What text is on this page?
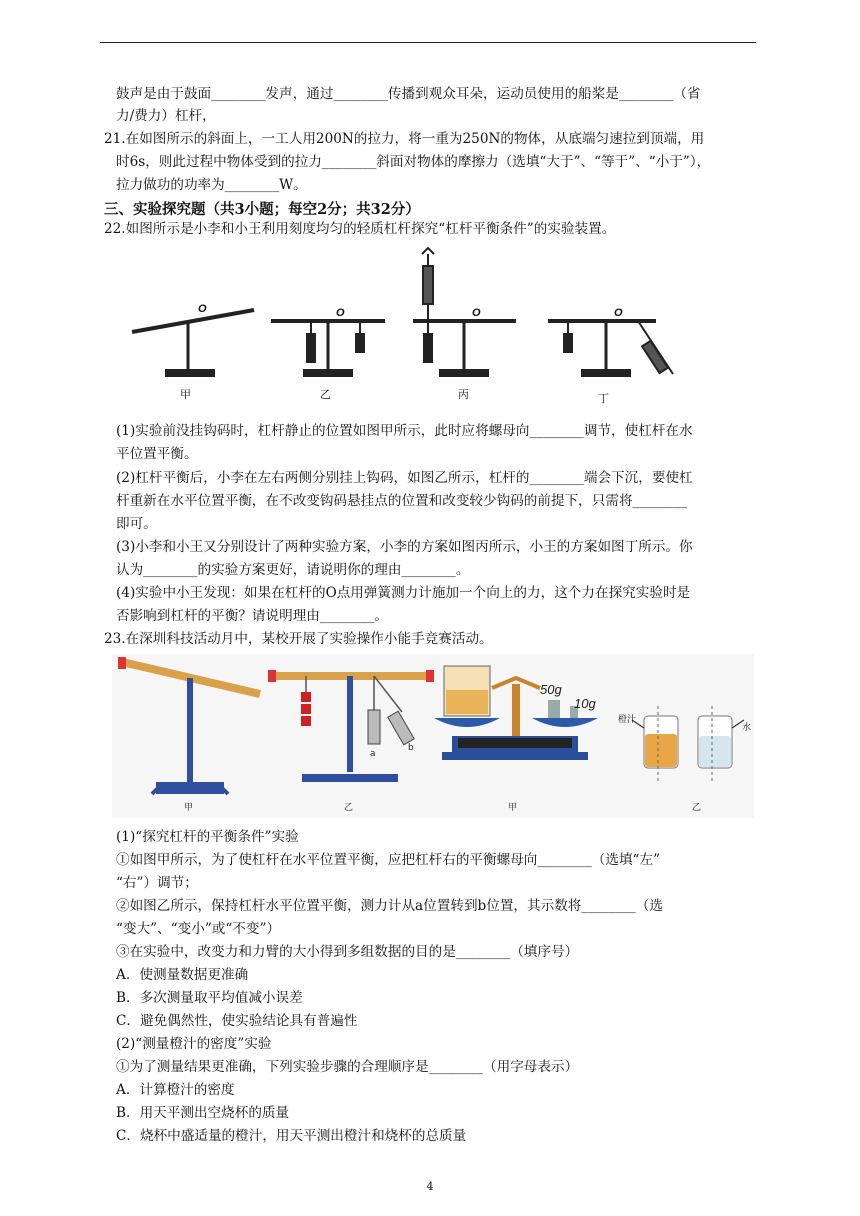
鼓声是由于鼓面________发声，通过________传播到观众耳朵，运动员使用的船桨是________（省
力/费力）杠杆，
21.在如图所示的斜面上，一工人用200N的拉力，将一重为250N的物体，从底端匀速拉到顶端，用
时6s，则此过程中物体受到的拉力________斜面对物体的摩擦力（选填“大于”、“等于”、“小于”），
拉力做功的功率为________W。
三、实验探究题（共3小题；每空2分；共32分）
22.如图所示是小李和小王利用刻度均匀的轻质杠杆探究“杠杆平衡条件”的实验装置。
O	O	O	O
甲	乙	丙	丁
(1)实验前没挂钩码时，杠杆静止的位置如图甲所示，此时应将螺母向________调节，使杠杆在水
平位置平衡。
(2)杠杆平衡后，小李在左右两侧分别挂上钩码，如图乙所示，杠杆的________端会下沉，要使杠
杆重新在水平位置平衡，在不改变钩码悬挂点的位置和改变较少钩码的前提下，只需将________
即可。
(3)小李和小王又分别设计了两种实验方案，小李的方案如图丙所示，小王的方案如图丁所示。你
认为________的实验方案更好，请说明你的理由________。
(4)实验中小王发现：如果在杠杆的O点用弹簧测力计施加一个向上的力，这个力在探究实验时是
否影响到杠杆的平衡？请说明理由________。
23.在深圳科技活动月中，某校开展了实验操作小能手竞赛活动。
50g
10g
橙汁
水
a
b
甲	乙	甲	乙
(1)“探究杠杆的平衡条件”实验
①如图甲所示，为了使杠杆在水平位置平衡，应把杠杆右的平衡螺母向________（选填“左”
“右”）调节；
②如图乙所示，保持杠杆水平位置平衡，测力计从a位置转到b位置，其示数将________（选
“变大”、“变小”或“不变”）
③在实验中，改变力和力臂的大小得到多组数据的目的是________（填序号）
A．使测量数据更准确
B．多次测量取平均值减小误差
C．避免偶然性，使实验结论具有普遍性
(2)“测量橙汁的密度”实验
①为了测量结果更准确，下列实验步骤的合理顺序是________（用字母表示）
A．计算橙汁的密度
B．用天平测出空烧杯的质量
C．烧杯中盛适量的橙汁，用天平测出橙汁和烧杯的总质量
4
